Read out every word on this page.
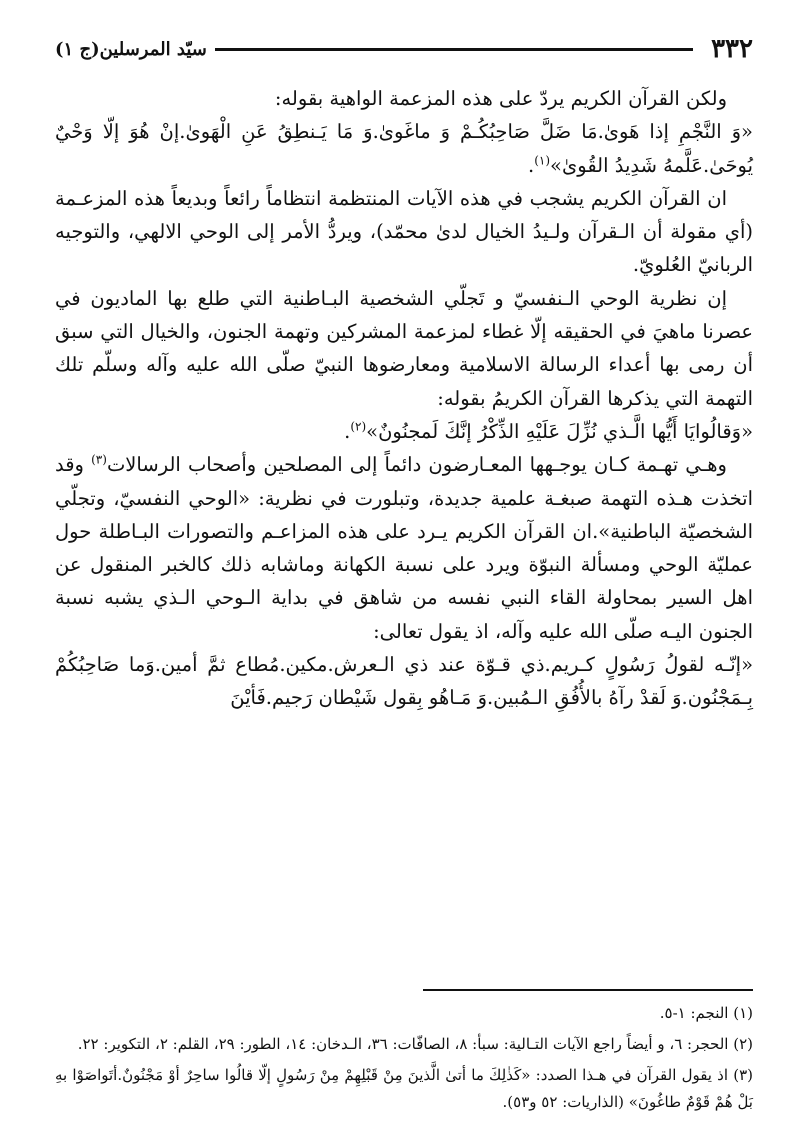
٣٣٢
سيّد المرسلين(ج ١)

ولكن القرآن الكريم يردّ على هذه المزعمة الواهية بقوله:

«وَ النَّجْمِ إذا هَوىٰ.مَا ضَلَّ صَاحِبُكُـمْ وَ ماغَوىٰ.وَ مَا يَـنطِقُ عَنِ الْهَوىٰ.إنْ هُوَ إلّا وَحْيٌ يُوحَىٰ.عَلَّمهُ شَدِيدُ القُوىٰ»$^{(١)}$.

ان القرآن الكريم يشجب في هذه الآيات المنتظمة انتظاماً رائعاً وبديعاً هذه المزعـمة (أي مقولة أن الـقرآن ولـيدُ الخيال لدىٰ محمّد)، ويردُّ الأمر إلى الوحي الالهي، والتوجيه الربانيّ العُلويّ.

إن نظرية الوحي الـنفسيّ و تَجلّي الشخصية البـاطنية التي طلع بها الماديون في عصرنا ماهيَ في الحقيقه إلّا غطاء لمزعمة المشركين وتهمة الجنون، والخيال التي سبق أن رمى بها أعداء الرسالة الاسلامية ومعارضوها النبيّ صلّى الله عليه وآله وسلّم تلك التهمة التي يذكرها القرآن الكريمُ بقوله:

«وَقالُوايَا أَيُّها الَّـذي نُزِّلَ عَلَيْهِ الذِّكْرُ إنَّكَ لَمجنُونٌ»$^{(٢)}$.

وهـي تهـمة كـان يوجـهها المعـارضون دائماً إلى المصلحين وأصحاب الرسالات$^{(٣)}$ وقد اتخذت هـذه التهمة صبغـة علمية جديدة، وتبلورت في نظرية: «الوحي النفسيّ، وتجلّي الشخصيّة الباطنية».ان القرآن الكريم يـرد على هذه المزاعـم والتصورات البـاطلة حول عمليّة الوحي ومسألة النبوّة ويرد على نسبة الكهانة وماشابه ذلك كالخبر المنقول عن اهل السير بمحاولة القاء النبي نفسه من شاهق في بداية الـوحي الـذي يشبه نسبة الجنون اليـه صلّى الله عليه وآله، اذ يقول تعالى:

«إنّـه لقولُ رَسُولٍ كـريم.ذي قـوّة عند ذي الـعرش.مكين.مُطاع ثمَّ أمين.وَما صَاحِبُكُمْ بِـمَجْنُون.وَ لَقدْ رآهُ بالأُفُقِ الـمُبين.وَ مَـاهُو بِقول شَيْطان رَجيم.فَأيْنَ

(١) النجم: ١-٥.

(٢) الحجر: ٦، و أيضاً راجع الآيات التـالية: سبأ: ٨، الصافّات: ٣٦، الـدخان: ١٤، الطور: ٢٩، القلم: ٢، التكوير: ٢٢.

(٣) اذ يقول القرآن في هـذا الصدد: «كَذٰلِكَ ما أتىٰ الَّذينَ مِنْ قَبْلِهِمْ مِنْ رَسُولٍ إلّا قالُوا ساحِرٌ أوْ مَجْنُونٌ.أتَواصَوْا بهِ بَلْ هُمْ قَوْمٌ طاغُونَ» (الذاريات: ٥٢ و٥٣).
